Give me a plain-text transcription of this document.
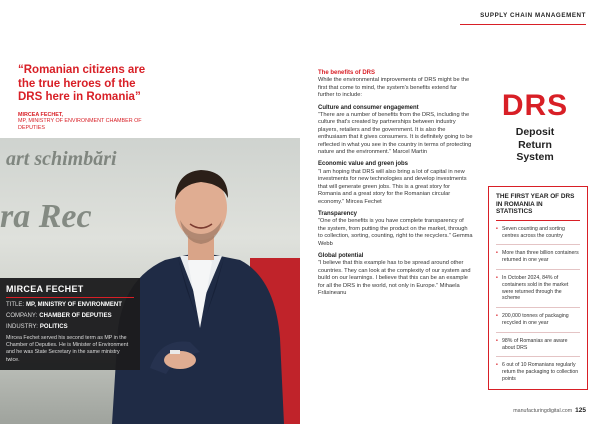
“Romanian citizens are the true heroes of the DRS here in Romania”
MIRCEA FECHET,
MP, MINISTRY OF ENVIRONMENT CHAMBER OF DEPUTIES
art schimbări
ra Rec
MIRCEA FECHET
TITLE: MP, MINISTRY OF ENVIRONMENT
COMPANY: CHAMBER OF DEPUTIES
INDUSTRY: POLITICS
Mircea Fechet served his second term as MP in the Chamber of Deputies. He is Minister of Environment and he was State Secretary in the same ministry twice.
SUPPLY CHAIN MANAGEMENT
The benefits of DRS

While the environmental improvements of DRS might be the first that come to mind, the system's benefits extend far further to include:

Culture and consumer engagement

“There are a number of benefits from the DRS, including the culture that's created by partnerships between industry players, retailers and the government. It is also the enthusiasm that it gives consumers. It is definitely going to be reflected in what you see in the country in terms of protecting nature and the environment.” Marcel Martin

Economic value and green jobs

“I am hoping that DRS will also bring a lot of capital in new investments for new technologies and develop investments that will generate green jobs. This is a great story for Romania and a great story for the Romanian circular economy.” Mircea Fechet

Transparency

“One of the benefits is you have complete transparency of the system, from putting the product on the market, through to collection, sorting, counting, right to the recyclers.” Gemma Webb

Global potential

“I believe that this example has to be spread around other countries. They can look at the complexity of our system and build on our learnings. I believe that this can be an example for all the DRS in the world, not only in Europe.” Mihaela Frăsineanu

DRS
Deposit
Return
System
THE FIRST YEAR OF DRS IN ROMANIA IN STATISTICS
• Seven counting and sorting centres across the country
• More than three billion containers returned in one year
• In October 2024, 84% of containers sold in the market were returned through the scheme
• 200,000 tonnes of packaging recycled in one year
• 98% of Romanias are aware about DRS
• 6 out of 10 Romanians regularly return the packaging to collection points
manufacturingdigital.com 125
